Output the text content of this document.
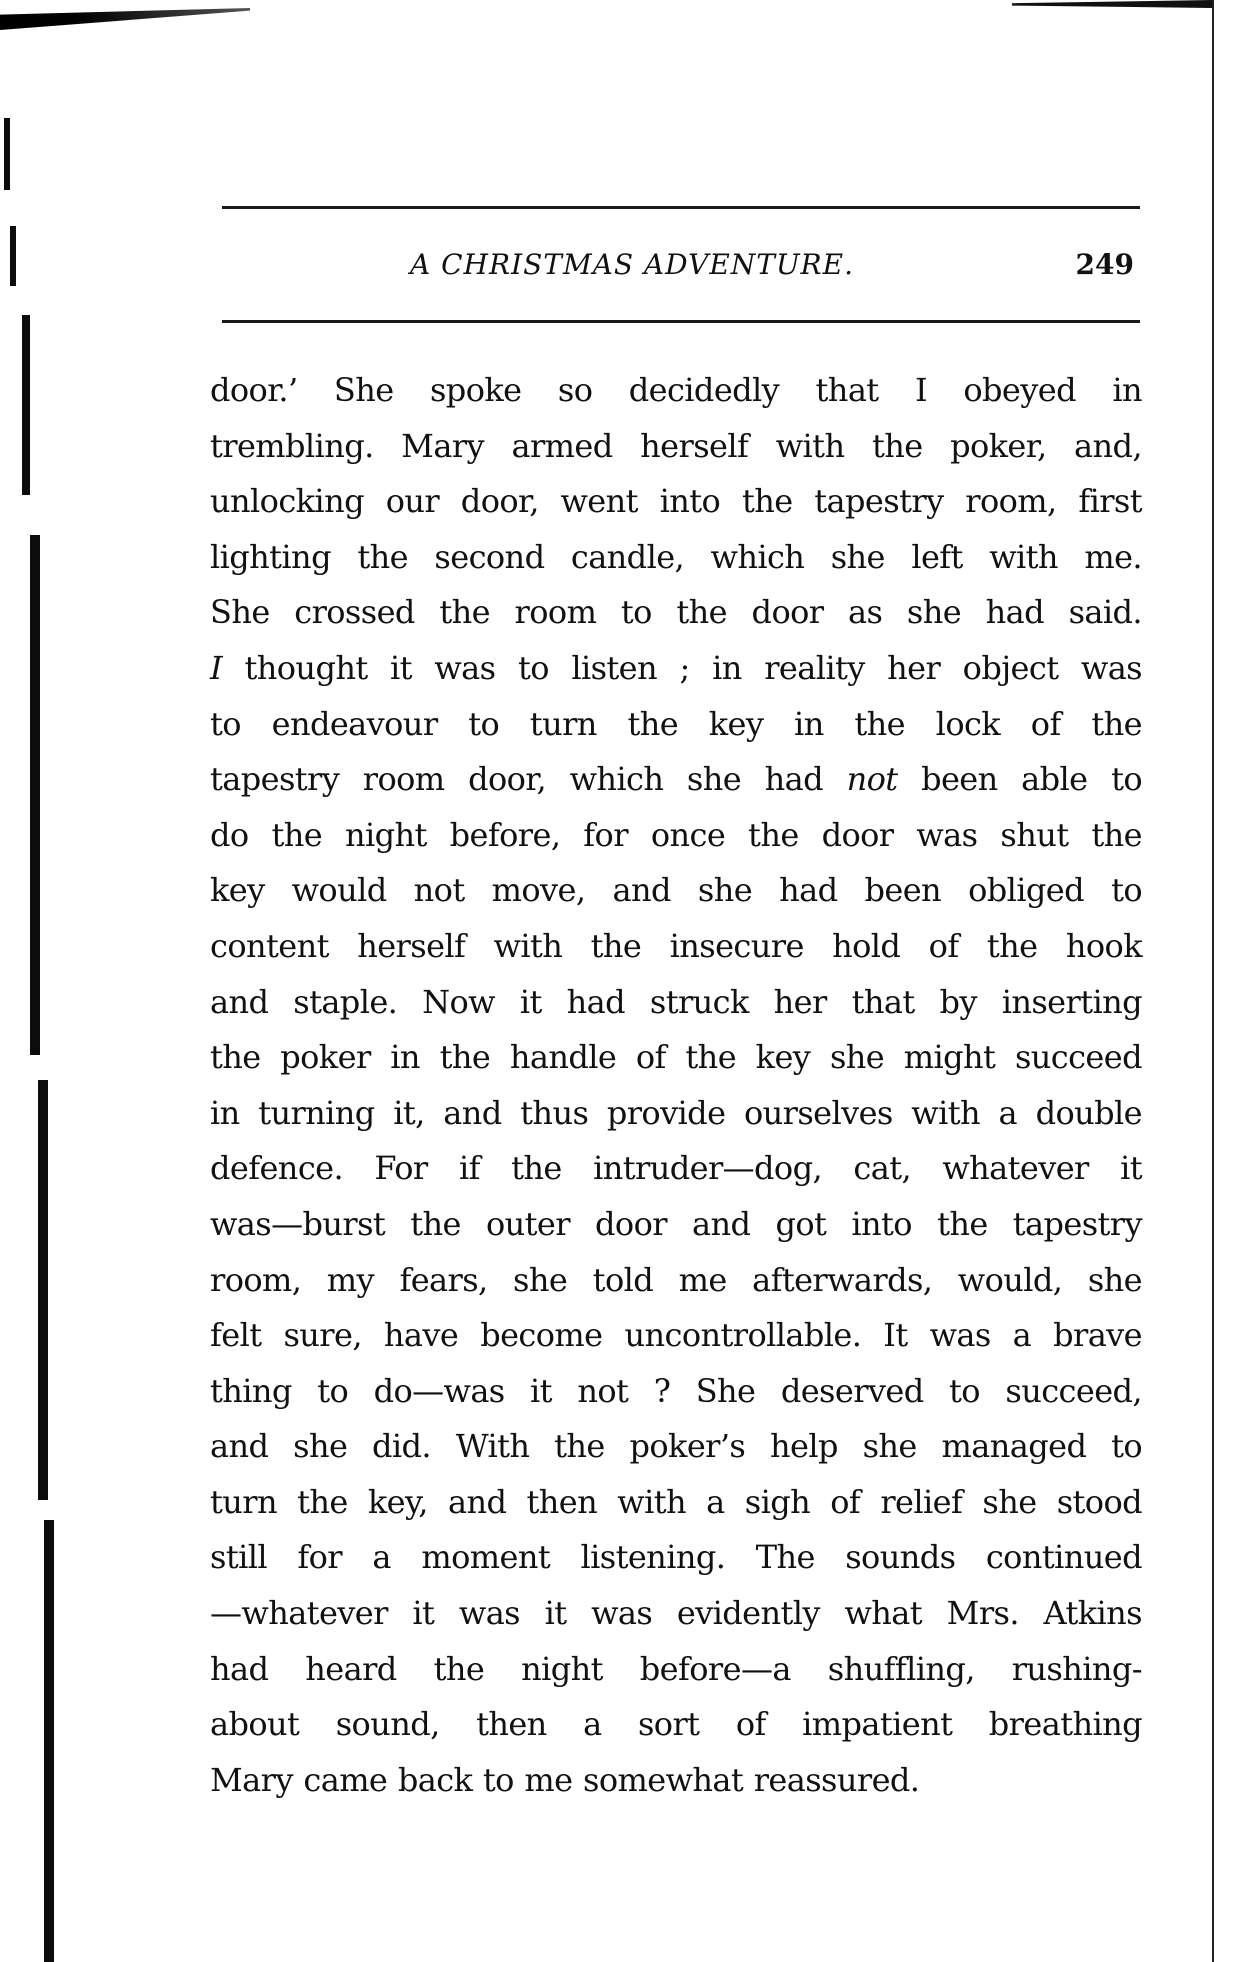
A CHRISTMAS ADVENTURE.	249
door.’ She spoke so decidedly that I obeyed in
trembling. Mary armed herself with the poker, and,
unlocking our door, went into the tapestry room, first
lighting the second candle, which she left with me.
She crossed the room to the door as she had said.
I thought it was to listen ; in reality her object was
to endeavour to turn the key in the lock of the
tapestry room door, which she had not been able to
do the night before, for once the door was shut the
key would not move, and she had been obliged to
content herself with the insecure hold of the hook
and staple. Now it had struck her that by inserting
the poker in the handle of the key she might succeed
in turning it, and thus provide ourselves with a double
defence. For if the intruder—dog, cat, whatever it
was—burst the outer door and got into the tapestry
room, my fears, she told me afterwards, would, she
felt sure, have become uncontrollable. It was a brave
thing to do—was it not ? She deserved to succeed,
and she did. With the poker’s help she managed to
turn the key, and then with a sigh of relief she stood
still for a moment listening. The sounds continued
—whatever it was it was evidently what Mrs. Atkins
had heard the night before—a shuffling, rushing-
about sound, then a sort of impatient breathing
Mary came back to me somewhat reassured.
